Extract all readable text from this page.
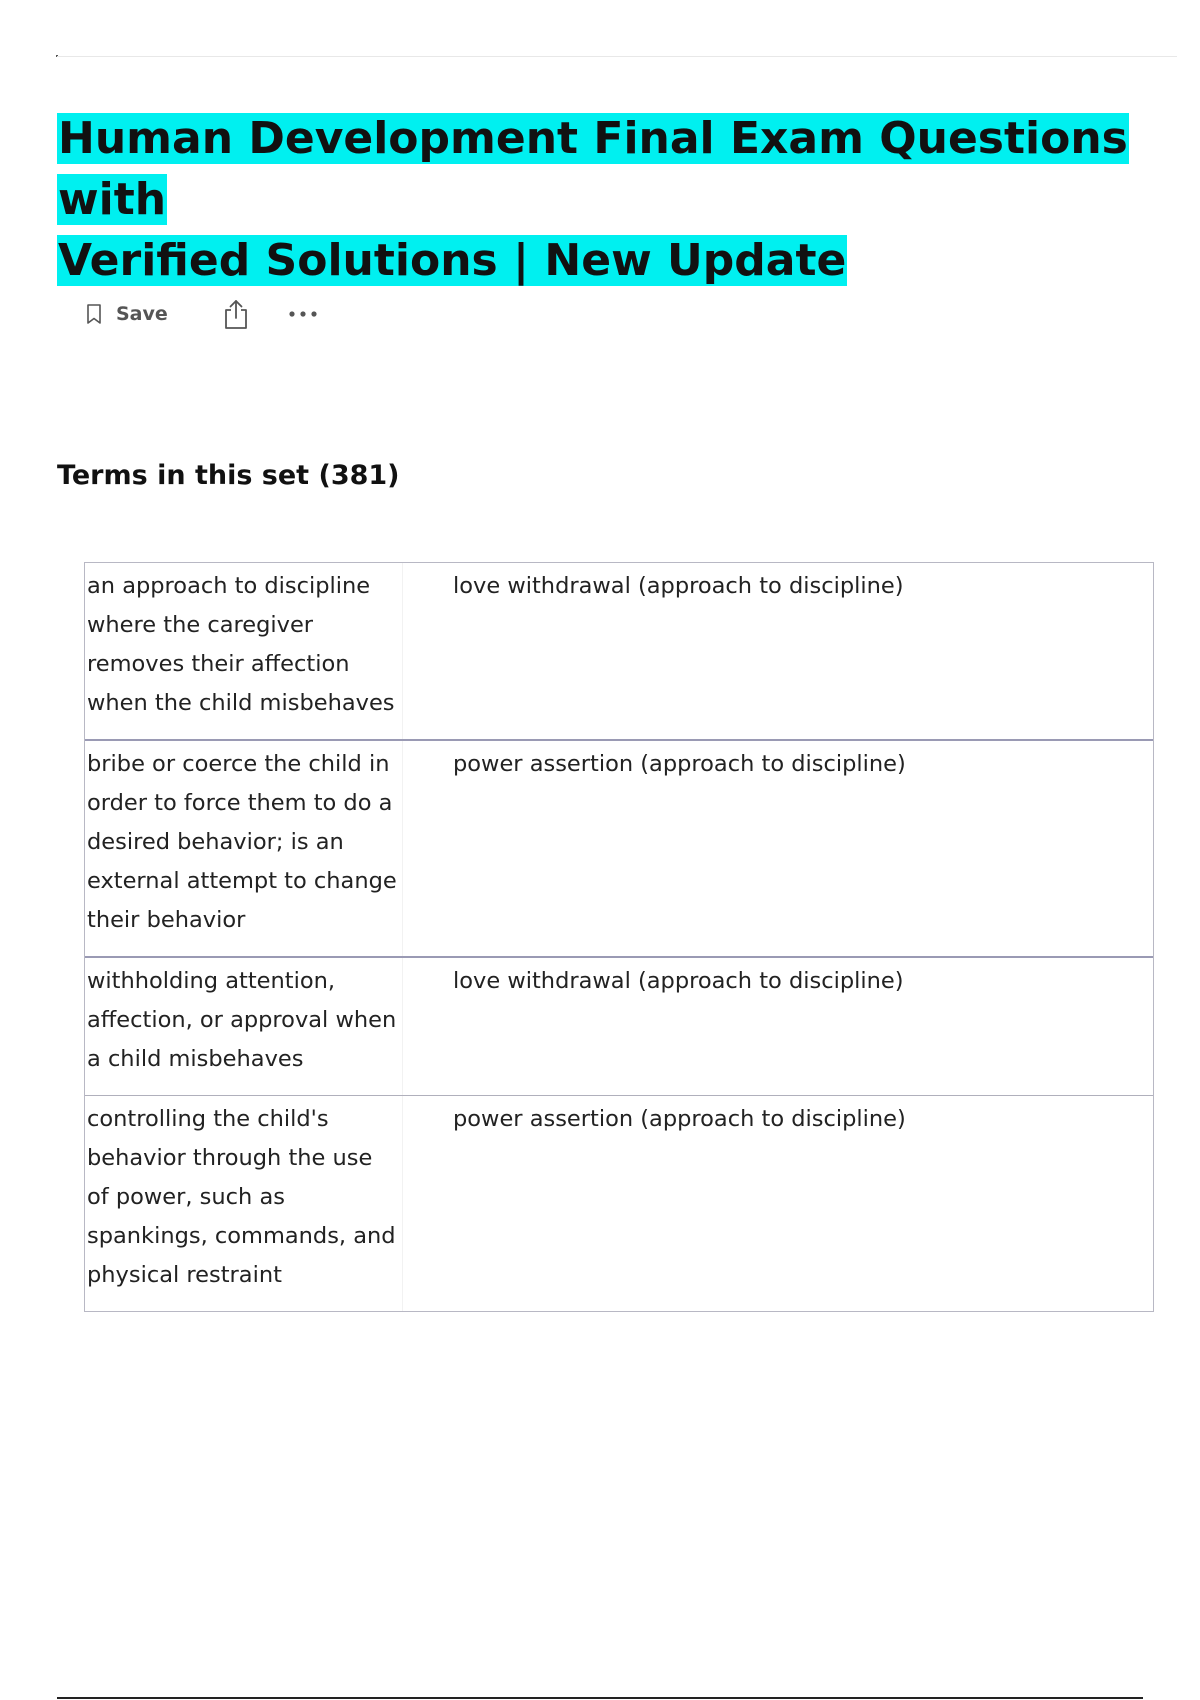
Human Development Final Exam Questions with
Verified Solutions | New Update
Save
Terms in this set (381)
an approach to discipline where the caregiver removes their affection when the child misbehaves
love withdrawal (approach to discipline)
bribe or coerce the child in order to force them to do a desired behavior; is an external attempt to change their behavior
power assertion (approach to discipline)
withholding attention, affection, or approval when a child misbehaves
love withdrawal (approach to discipline)
controlling the child's behavior through the use of power, such as spankings, commands, and physical restraint
power assertion (approach to discipline)
